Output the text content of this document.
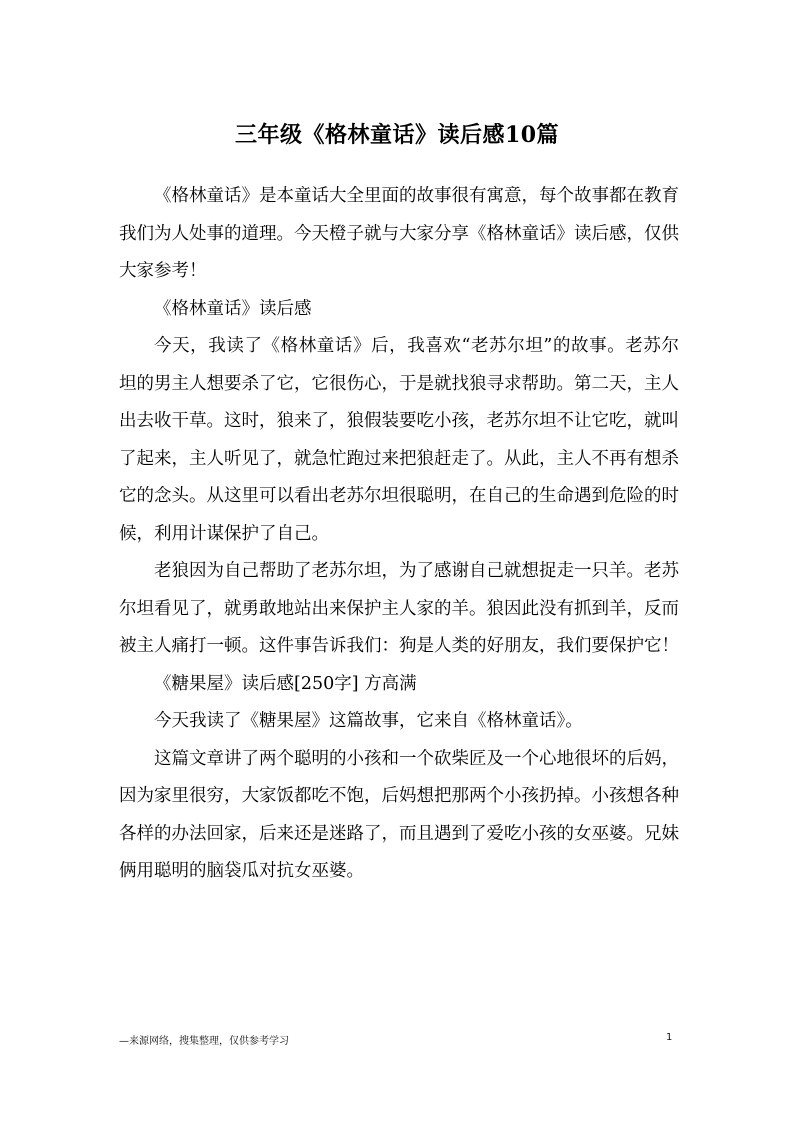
三年级《格林童话》读后感10篇

《格林童话》是本童话大全里面的故事很有寓意，每个故事都在教育我们为人处事的道理。今天橙子就与大家分享《格林童话》读后感，仅供大家参考！

《格林童话》读后感

今天，我读了《格林童话》后，我喜欢“老苏尔坦”的故事。老苏尔坦的男主人想要杀了它，它很伤心，于是就找狼寻求帮助。第二天，主人出去收干草。这时，狼来了，狼假装要吃小孩，老苏尔坦不让它吃，就叫了起来，主人听见了，就急忙跑过来把狼赶走了。从此，主人不再有想杀它的念头。从这里可以看出老苏尔坦很聪明，在自己的生命遇到危险的时候，利用计谋保护了自己。

老狼因为自己帮助了老苏尔坦，为了感谢自己就想捉走一只羊。老苏尔坦看见了，就勇敢地站出来保护主人家的羊。狼因此没有抓到羊，反而被主人痛打一顿。这件事告诉我们：狗是人类的好朋友，我们要保护它！

《糖果屋》读后感[250字] 方高满

今天我读了《糖果屋》这篇故事，它来自《格林童话》。

这篇文章讲了两个聪明的小孩和一个砍柴匠及一个心地很坏的后妈，因为家里很穷，大家饭都吃不饱，后妈想把那两个小孩扔掉。小孩想各种各样的办法回家，后来还是迷路了，而且遇到了爱吃小孩的女巫婆。兄妹俩用聪明的脑袋瓜对抗女巫婆。

—来源网络，搜集整理，仅供参考学习	1
